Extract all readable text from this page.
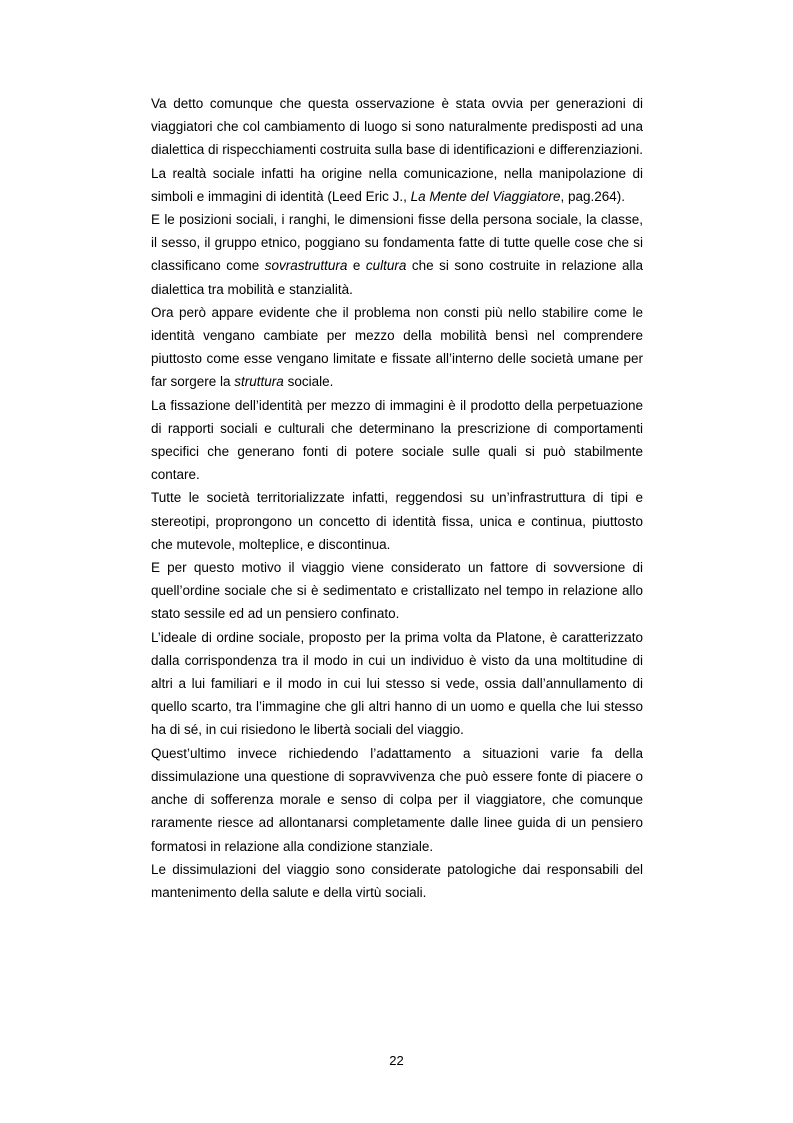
Va detto comunque che questa osservazione è stata ovvia per generazioni di viaggiatori che col cambiamento di luogo si sono naturalmente predisposti ad una dialettica di rispecchiamenti costruita sulla base di identificazioni e differenziazioni.

La realtà sociale infatti ha origine nella comunicazione, nella manipolazione di simboli e immagini di identità (Leed Eric J., La Mente del Viaggiatore, pag.264).

E le posizioni sociali, i ranghi, le dimensioni fisse della persona sociale, la classe, il sesso, il gruppo etnico, poggiano su fondamenta fatte di tutte quelle cose che si classificano come sovrastruttura e cultura che si sono costruite in relazione alla dialettica tra mobilità e stanzialità.

Ora però appare evidente che il problema non consti più nello stabilire come le identità vengano cambiate per mezzo della mobilità bensì nel comprendere piuttosto come esse vengano limitate e fissate all’interno delle società umane per far sorgere la struttura sociale.

La fissazione dell’identità per mezzo di immagini è il prodotto della perpetuazione di rapporti sociali e culturali che determinano la prescrizione di comportamenti specifici che generano fonti di potere sociale sulle quali si può stabilmente contare.

Tutte le società territorializzate infatti, reggendosi su un’infrastruttura di tipi e stereotipi, proprongono un concetto di identità fissa, unica e continua, piuttosto che mutevole, molteplice, e discontinua.

E per questo motivo il viaggio viene considerato un fattore di sovversione di quell’ordine sociale che si è sedimentato e cristallizato nel tempo in relazione allo stato sessile ed ad un pensiero confinato.

L’ideale di ordine sociale, proposto per la prima volta da Platone, è caratterizzato dalla corrispondenza tra il modo in cui un individuo è visto da una moltitudine di altri a lui familiari e il modo in cui lui stesso si vede, ossia dall’annullamento di quello scarto, tra l’immagine che gli altri hanno di un uomo e quella che lui stesso ha di sé, in cui risiedono le libertà sociali del viaggio.

Quest’ultimo invece richiedendo l’adattamento a situazioni varie fa della dissimulazione una questione di sopravvivenza che può essere fonte di piacere o anche di sofferenza morale e senso di colpa per il viaggiatore, che comunque raramente riesce ad allontanarsi completamente dalle linee guida di un pensiero formatosi in relazione alla condizione stanziale.

Le dissimulazioni del viaggio sono considerate patologiche dai responsabili del mantenimento della salute e della virtù sociali.

22
